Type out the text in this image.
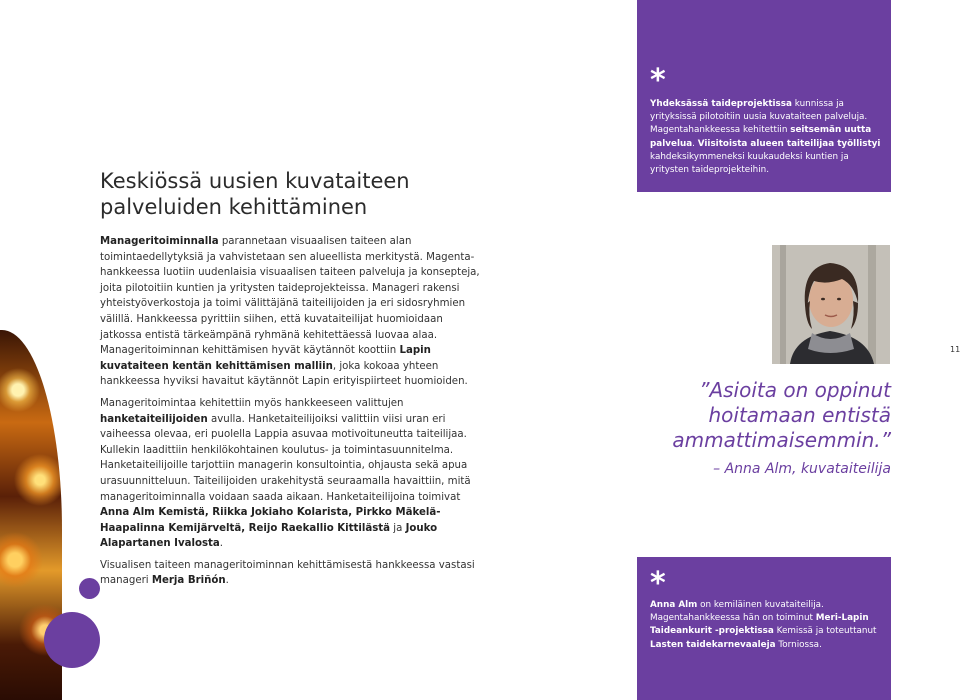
Keskiössä uusien kuvataiteen
palveluiden kehittäminen

Manageritoiminnalla parannetaan visuaalisen taiteen alan toimintaedellytyksiä ja vahvistetaan sen alueellista merkitystä. Magenta-hankkeessa luotiin uudenlaisia visuaalisen taiteen palveluja ja konsepteja, joita pilotoitiin kuntien ja yritysten taideprojekteissa. Manageri rakensi yhteistyöverkostoja ja toimi välittäjänä taiteilijoiden ja eri sidosryhmien välillä. Hankkeessa pyrittiin siihen, että kuvataiteilijat huomioidaan jatkossa entistä tärkeämpänä ryhmänä kehitettäessä luovaa alaa. Manageritoiminnan kehittämisen hyvät käytännöt koottiin Lapin kuvataiteen kentän kehittämisen malliin, joka kokoaa yhteen hankkeessa hyviksi havaitut käytännöt Lapin erityispiirteet huomioiden.

Manageritoimintaa kehitettiin myös hankkeeseen valittujen hanketaiteilijoiden avulla. Hanketaiteilijoiksi valittiin viisi uran eri vaiheessa olevaa, eri puolella Lappia asuvaa motivoituneutta taiteilijaa. Kullekin laadittiin henkilökohtainen koulutus- ja toimintasuunnitelma. Hanketaiteilijoille tarjottiin managerin konsultointia, ohjausta sekä apua urasuunnitteluun. Taiteilijoiden urakehitystä seuraamalla havaittiin, mitä manageritoiminnalla voidaan saada aikaan. Hanketaiteilijoina toimivat Anna Alm Kemistä, Riikka Jokiaho Kolarista, Pirkko Mäkelä-Haapalinna Kemijärveltä, Reijo Raekallio Kittilästä ja Jouko Alapartanen Ivalosta.

Visualisen taiteen manageritoiminnan kehittämisestä hankkeessa vastasi manageri Merja Briñón.

*
Yhdeksässä taideprojektissa kunnissa ja yrityksissä pilotoitiin uusia kuvataiteen palveluja. Magentahankkeessa kehitettiin seitsemän uutta palvelua. Viisitoista alueen taiteilijaa työllistyi kahdeksikymmeneksi kuukaudeksi kuntien ja yritysten taideprojekteihin.
”Asioita on oppinut hoitamaan entistä ammattimaisemmin.”
– Anna Alm, kuvataiteilija
*
Anna Alm on kemiläinen kuvataiteilija. Magentahankkeessa hän on toiminut Meri-Lapin Taideankurit -projektissa Kemissä ja toteuttanut Lasten taidekarnevaaleja Torniossa.
11
